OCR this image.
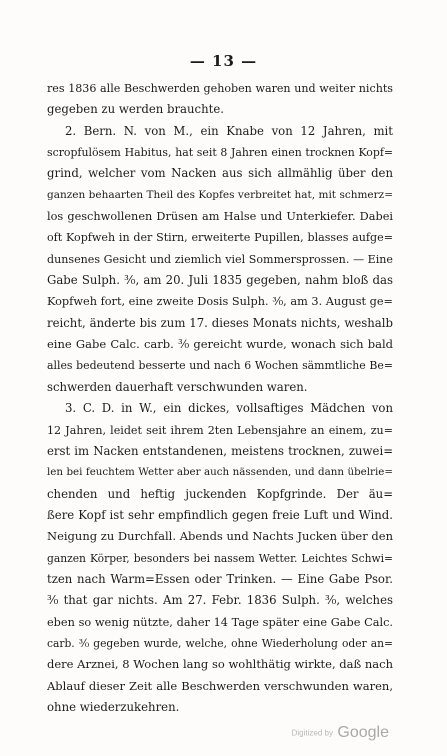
— 13 —
res 1836 alle Beschwerden gehoben waren und weiter nichts
gegeben zu werden brauchte.
2. Bern. N. von M., ein Knabe von 12 Jahren, mit
scropfulösem Habitus, hat seit 8 Jahren einen trocknen Kopf=
grind, welcher vom Nacken aus sich allmählig über den
ganzen behaarten Theil des Kopfes verbreitet hat, mit schmerz=
los geschwollenen Drüsen am Halse und Unterkiefer. Dabei
oft Kopfweh in der Stirn, erweiterte Pupillen, blasses aufge=
dunsenes Gesicht und ziemlich viel Sommersprossen. — Eine
Gabe Sulph. ³⁄₀, am 20. Juli 1835 gegeben, nahm bloß das
Kopfweh fort, eine zweite Dosis Sulph. ³⁄₀, am 3. August ge=
reicht, änderte bis zum 17. dieses Monats nichts, weshalb
eine Gabe Calc. carb. ³⁄₀ gereicht wurde, wonach sich bald
alles bedeutend besserte und nach 6 Wochen sämmtliche Be=
schwerden dauerhaft verschwunden waren.
3. C. D. in W., ein dickes, vollsaftiges Mädchen von
12 Jahren, leidet seit ihrem 2ten Lebensjahre an einem, zu=
erst im Nacken entstandenen, meistens trocknen, zuwei=
len bei feuchtem Wetter aber auch nässenden, und dann übelrie=
chenden und heftig juckenden Kopfgrinde. Der äu=
ßere Kopf ist sehr empfindlich gegen freie Luft und Wind.
Neigung zu Durchfall. Abends und Nachts Jucken über den
ganzen Körper, besonders bei nassem Wetter. Leichtes Schwi=
tzen nach Warm=Essen oder Trinken. — Eine Gabe Psor.
³⁄₀ that gar nichts. Am 27. Febr. 1836 Sulph. ³⁄₀, welches
eben so wenig nützte, daher 14 Tage später eine Gabe Calc.
carb. ³⁄₀ gegeben wurde, welche, ohne Wiederholung oder an=
dere Arznei, 8 Wochen lang so wohlthätig wirkte, daß nach
Ablauf dieser Zeit alle Beschwerden verschwunden waren,
ohne wiederzukehren.
Digitized by Google
